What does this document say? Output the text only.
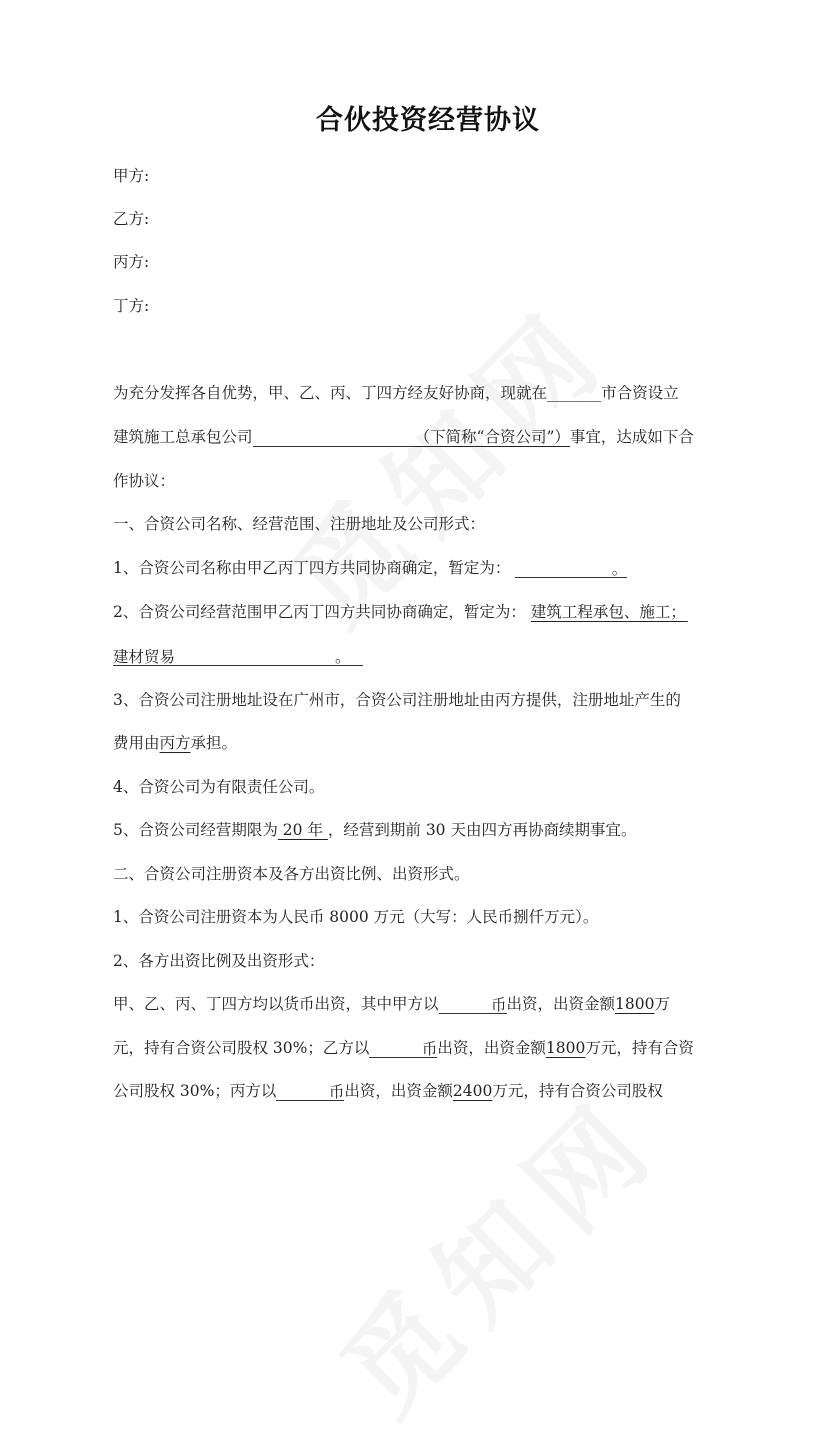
合伙投资经营协议
甲方:
乙方:
丙方:
丁方:
为充分发挥各自优势，甲、乙、丙、丁四方经友好协商，现就在_______市合资设立
建筑施工总承包公司	（下简称“合资公司”）事宜，达成如下合
作协议：
一、合资公司名称、经营范围、注册地址及公司形式：
1、合资公司名称由甲乙丙丁四方共同协商确定，暂定为：	。
2、合资公司经营范围甲乙丙丁四方共同协商确定，暂定为： 建筑工程承包、施工；
建材贸易	。
3、合资公司注册地址设在广州市，合资公司注册地址由丙方提供，注册地址产生的
费用由丙方承担。
4、合资公司为有限责任公司。
5、合资公司经营期限为 20 年 ，经营到期前 30 天由四方再协商续期事宜。
二、合资公司注册资本及各方出资比例、出资形式。
1、合资公司注册资本为人民币 8000 万元（大写：人民币捌仟万元）。
2、各方出资比例及出资形式：
甲、乙、丙、丁四方均以货币出资，其中甲方以	币出资，出资金额1800万
元，持有合资公司股权 30%；乙方以	币出资，出资金额1800万元，持有合资
公司股权 30%；丙方以	币出资，出资金额2400万元，持有合资公司股权
